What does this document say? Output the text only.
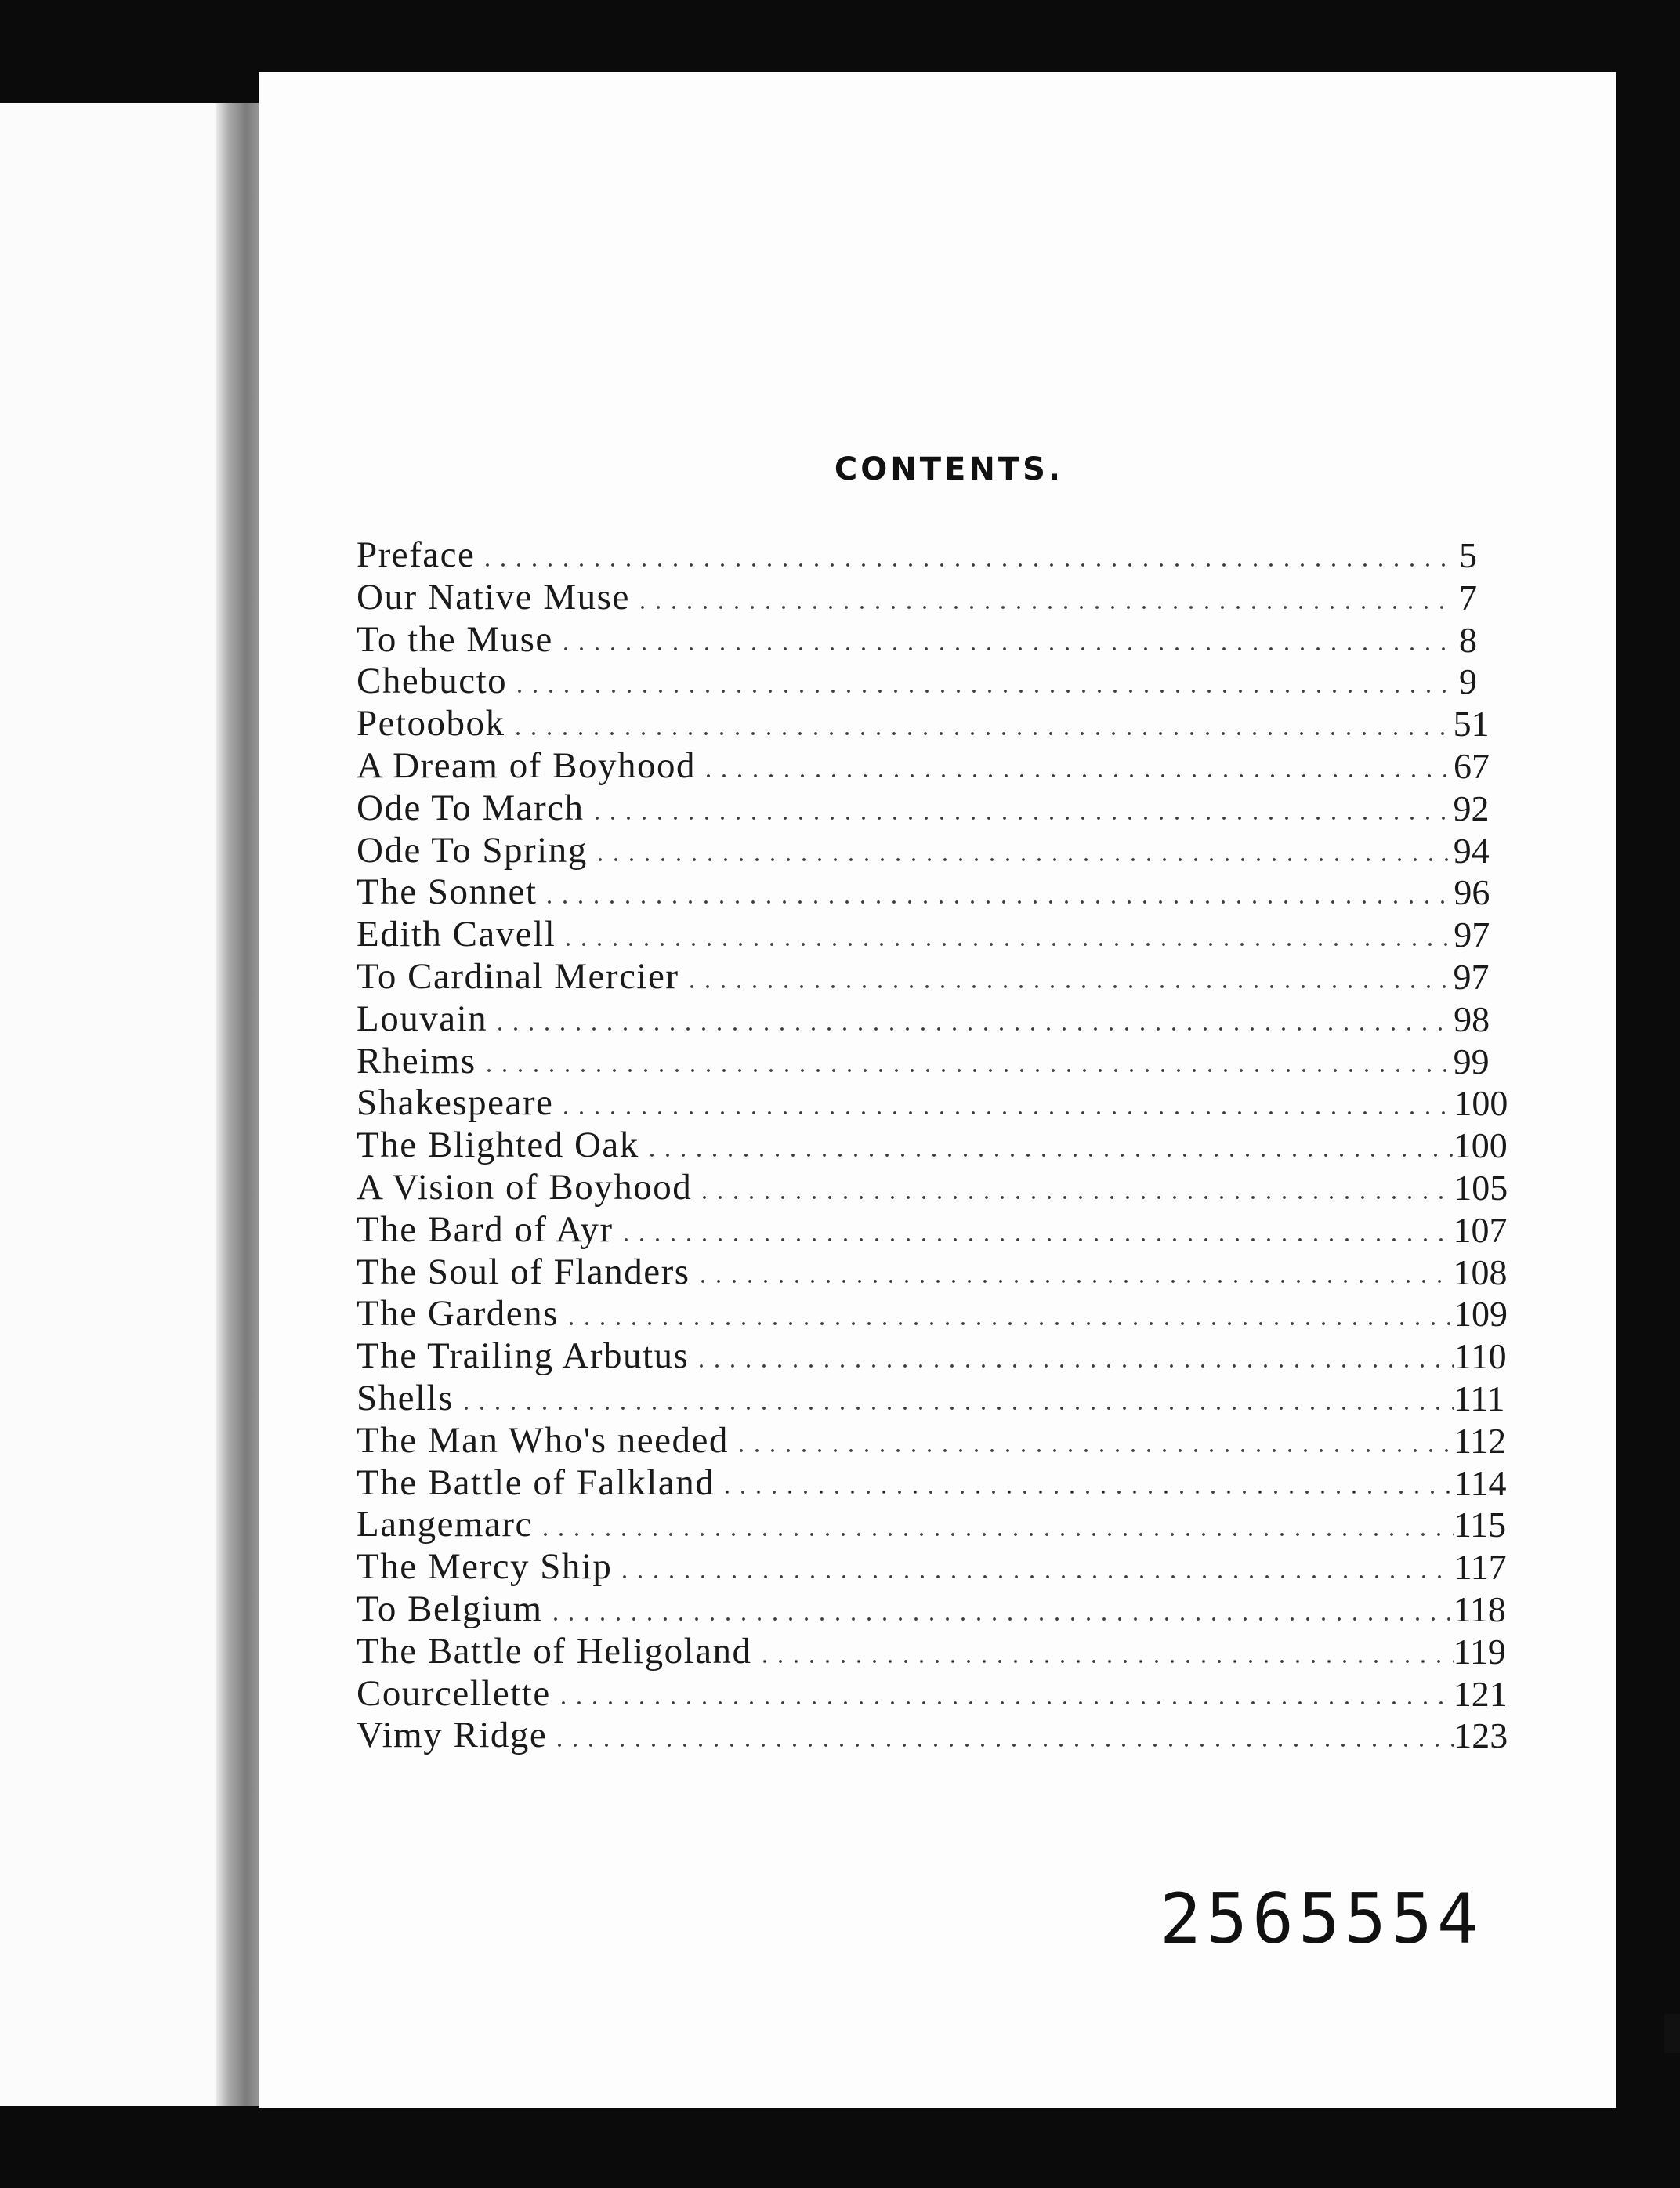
CONTENTS.
Preface	5
Our Native Muse	7
To the Muse	8
Chebucto	9
Petoobok	51
A Dream of Boyhood	67
Ode To March	92
Ode To Spring	94
The Sonnet	96
Edith Cavell	97
To Cardinal Mercier	97
Louvain	98
Rheims	99
Shakespeare	100
The Blighted Oak	100
A Vision of Boyhood	105
The Bard of Ayr	107
The Soul of Flanders	108
The Gardens	109
The Trailing Arbutus	110
Shells	111
The Man Who's needed	112
The Battle of Falkland	114
Langemarc	115
The Mercy Ship	117
To Belgium	118
The Battle of Heligoland	119
Courcellette	121
Vimy Ridge	123
2565554
